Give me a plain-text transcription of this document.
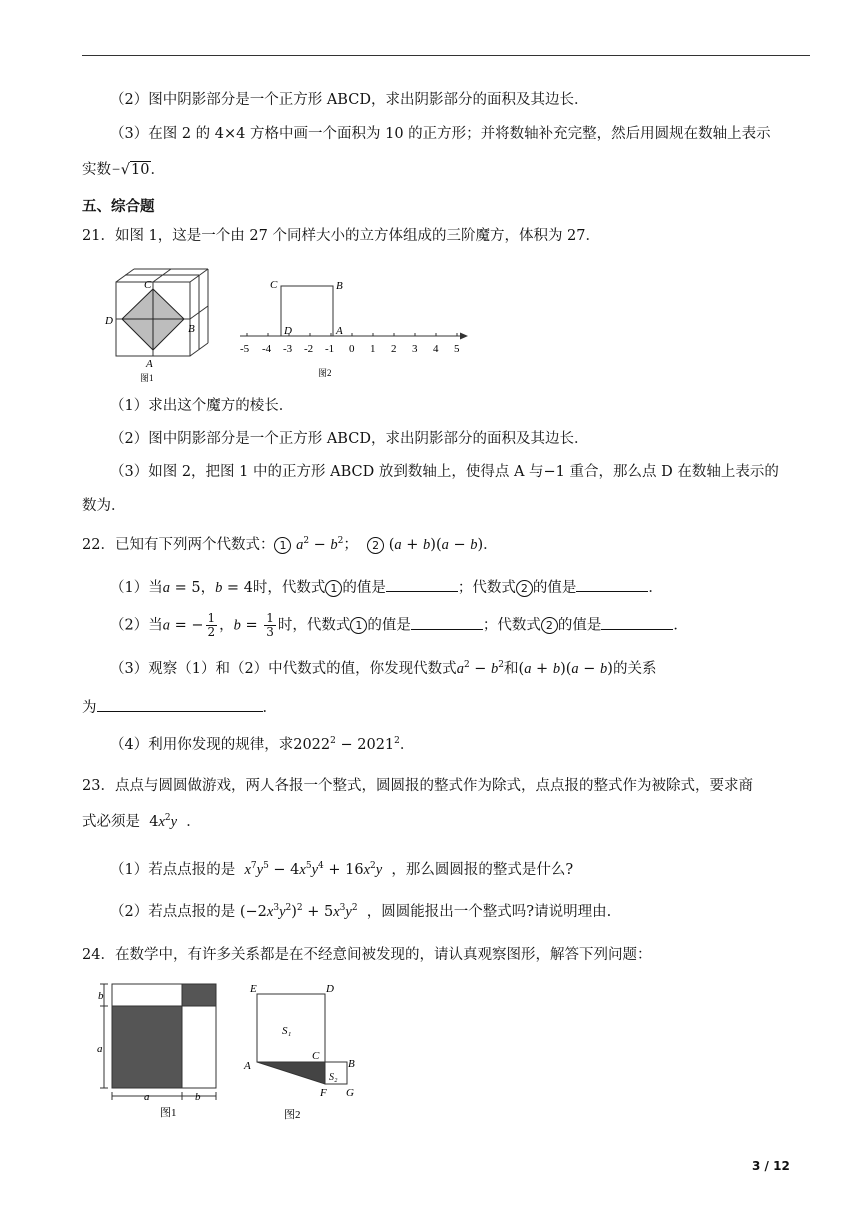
（2）图中阴影部分是一个正方形 ABCD，求出阴影部分的面积及其边长．
（3）在图 2 的 4×4 方格中画一个面积为 10 的正方形；并将数轴补充完整，然后用圆规在数轴上表示
实数−√10．
五、综合题
21．如图 1，这是一个由 27 个同样大小的立方体组成的三阶魔方，体积为 27．
C
D
B
A
图1
C	B
D	A
-5 -4 -3 -2 -1 0 1 2 3 4 5
图2
（1）求出这个魔方的棱长．
（2）图中阴影部分是一个正方形 ABCD，求出阴影部分的面积及其边长．
（3）如图 2，把图 1 中的正方形 ABCD 放到数轴上，使得点 A 与−1 重合，那么点 D 在数轴上表示的
数为．
22．已知有下列两个代数式： 1 $a^2 - b^2$；  2 (a + b)(a − b)．
（1）当a = 5，b = 4时，代数式 1 的值是	；代数式 2 的值是	．
（2）当a = − $\frac{1}{2}$ ，$b = \frac{1}{3}$ 时，代数式 1 的值是	；代数式 2 的值是	．
（3）观察（1）和（2）中代数式的值，你发现代数式$a^2 - b^2$和(a + b)(a − b)的关系
为	．
（4）利用你发现的规律，求$2022^2 - 2021^2$．
23．点点与圆圆做游戏，两人各报一个整式，圆圆报的整式作为除式，点点报的整式作为被除式，要求商
式必须是  $4x^2y$  ．
（1）若点点报的是 $x^7y^5 - 4x^5y^4 + 16x^2y$ ，那么圆圆报的整式是什么?
（2）若点点报的是 $(-2x^3y^2)^2 + 5x^3y^2$ ，圆圆能报出一个整式吗?请说明理由.
24．在数学中，有许多关系都是在不经意间被发现的，请认真观察图形，解答下列问题：
b
a
a	b
图1
E	D
S₁
C
B
A
S₂
F G
图2
3 / 12
